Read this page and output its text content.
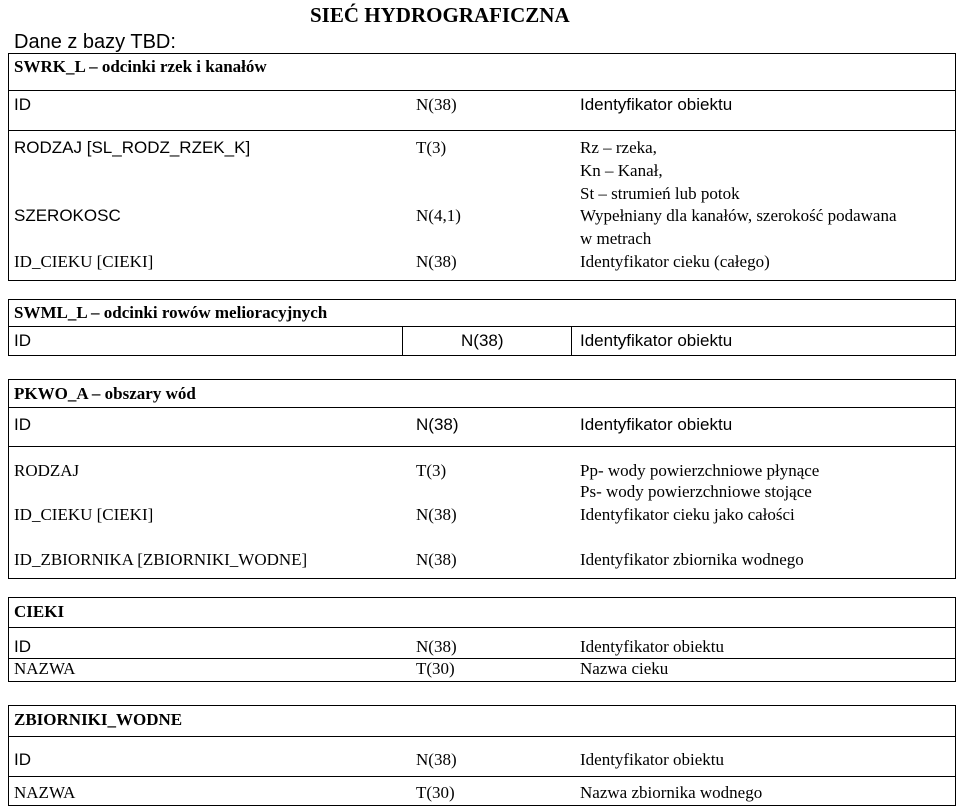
SIEĆ HYDROGRAFICZNA
Dane z bazy TBD:
SWRK_L – odcinki rzek i kanałów
ID	N(38)	Identyfikator obiektu
RODZAJ [SL_RODZ_RZEK_K]	T(3)	Rz – rzeka,
Kn – Kanał,
St – strumień lub potok
SZEROKOSC	N(4,1)	Wypełniany dla kanałów, szerokość podawana
w metrach
ID_CIEKU [CIEKI]	N(38)	Identyfikator cieku (całego)
SWML_L – odcinki rowów melioracyjnych
ID	N(38)	Identyfikator obiektu
PKWO_A – obszary wód
ID	N(38)	Identyfikator obiektu
RODZAJ	T(3)	Pp- wody powierzchniowe płynące
Ps- wody powierzchniowe stojące
ID_CIEKU [CIEKI]	N(38)	Identyfikator cieku jako całości
ID_ZBIORNIKA [ZBIORNIKI_WODNE]	N(38)	Identyfikator zbiornika wodnego
CIEKI
ID	N(38)	Identyfikator obiektu
NAZWA	T(30)	Nazwa cieku
ZBIORNIKI_WODNE
ID	N(38)	Identyfikator obiektu
NAZWA	T(30)	Nazwa zbiornika wodnego
